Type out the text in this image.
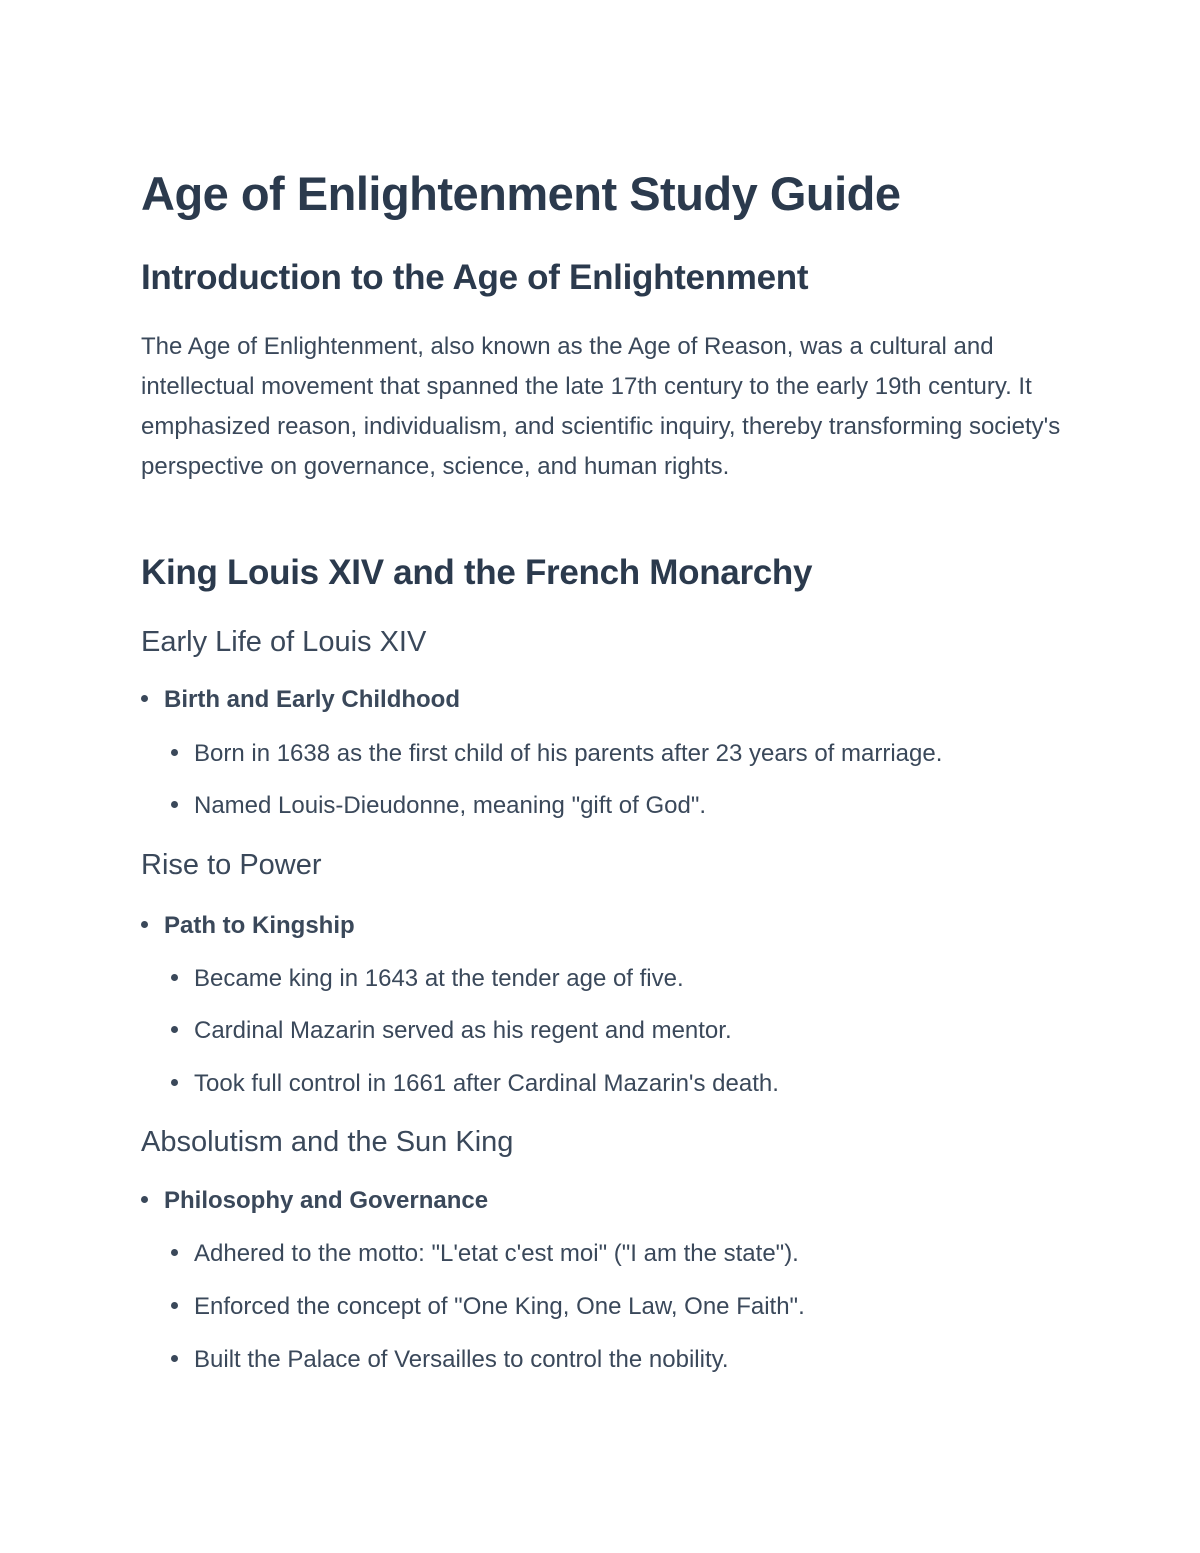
Age of Enlightenment Study Guide
Introduction to the Age of Enlightenment

The Age of Enlightenment, also known as the Age of Reason, was a cultural and intellectual movement that spanned the late 17th century to the early 19th century. It emphasized reason, individualism, and scientific inquiry, thereby transforming society's perspective on governance, science, and human rights.

King Louis XIV and the French Monarchy
Early Life of Louis XIV
Birth and Early Childhood
Born in 1638 as the first child of his parents after 23 years of marriage.
Named Louis-Dieudonne, meaning "gift of God".
Rise to Power
Path to Kingship
Became king in 1643 at the tender age of five.
Cardinal Mazarin served as his regent and mentor.
Took full control in 1661 after Cardinal Mazarin's death.
Absolutism and the Sun King
Philosophy and Governance
Adhered to the motto: "L'etat c'est moi" ("I am the state").
Enforced the concept of "One King, One Law, One Faith".
Built the Palace of Versailles to control the nobility.
